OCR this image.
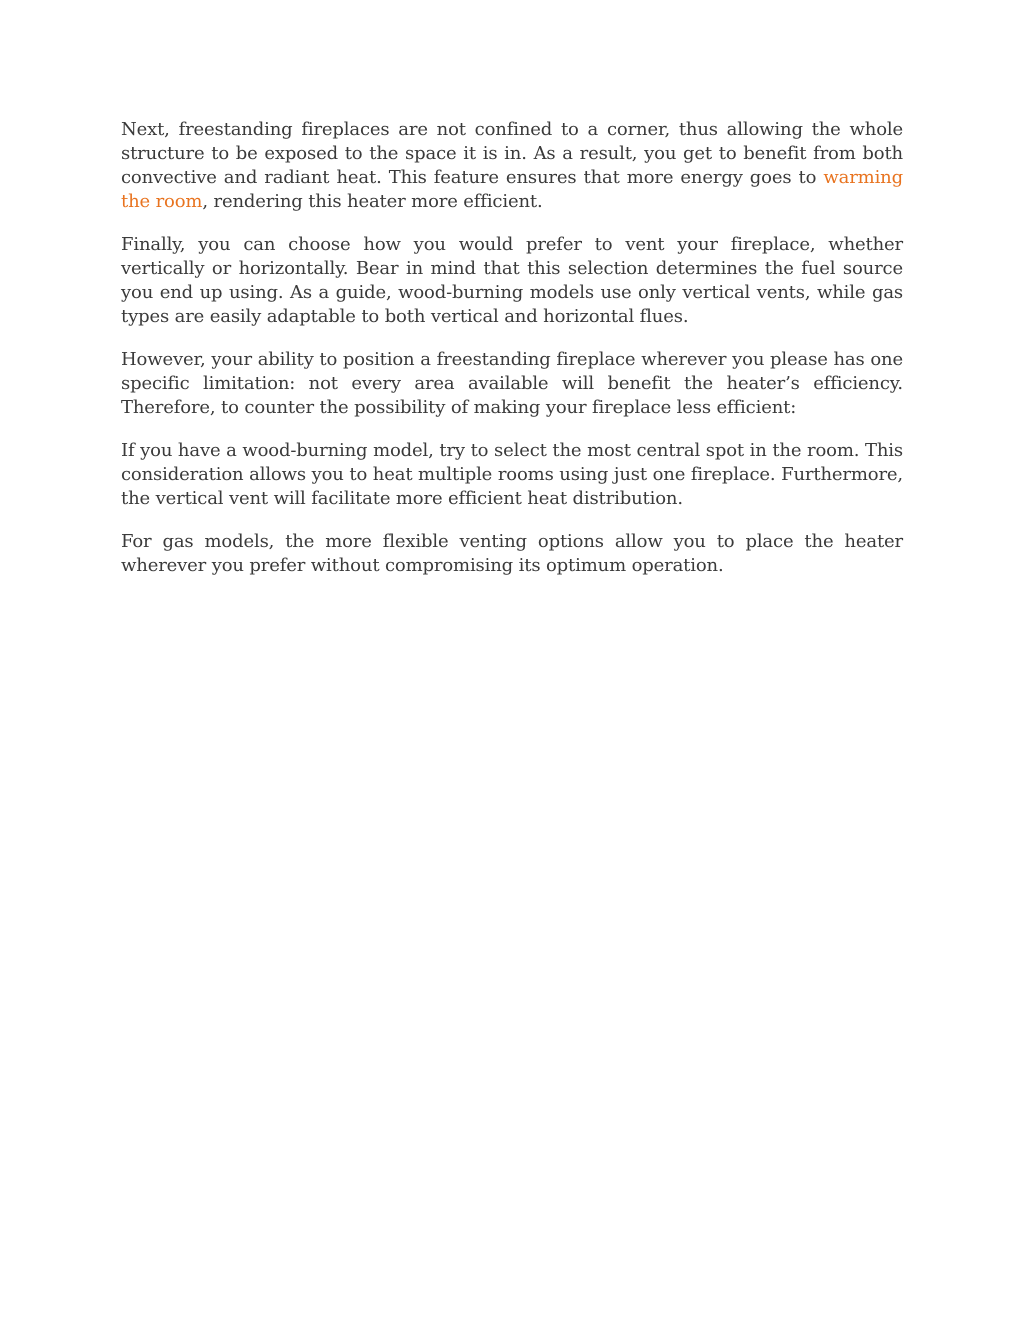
Next, freestanding fireplaces are not confined to a corner, thus allowing the whole structure to be exposed to the space it is in. As a result, you get to benefit from both convective and radiant heat. This feature ensures that more energy goes to warming the room, rendering this heater more efficient.

Finally, you can choose how you would prefer to vent your fireplace, whether vertically or horizontally. Bear in mind that this selection determines the fuel source you end up using. As a guide, wood-burning models use only vertical vents, while gas types are easily adaptable to both vertical and horizontal flues.

However, your ability to position a freestanding fireplace wherever you please has one specific limitation: not every area available will benefit the heater’s efficiency. Therefore, to counter the possibility of making your fireplace less efficient:

If you have a wood-burning model, try to select the most central spot in the room. This consideration allows you to heat multiple rooms using just one fireplace. Furthermore, the vertical vent will facilitate more efficient heat distribution.

For gas models, the more flexible venting options allow you to place the heater wherever you prefer without compromising its optimum operation.
